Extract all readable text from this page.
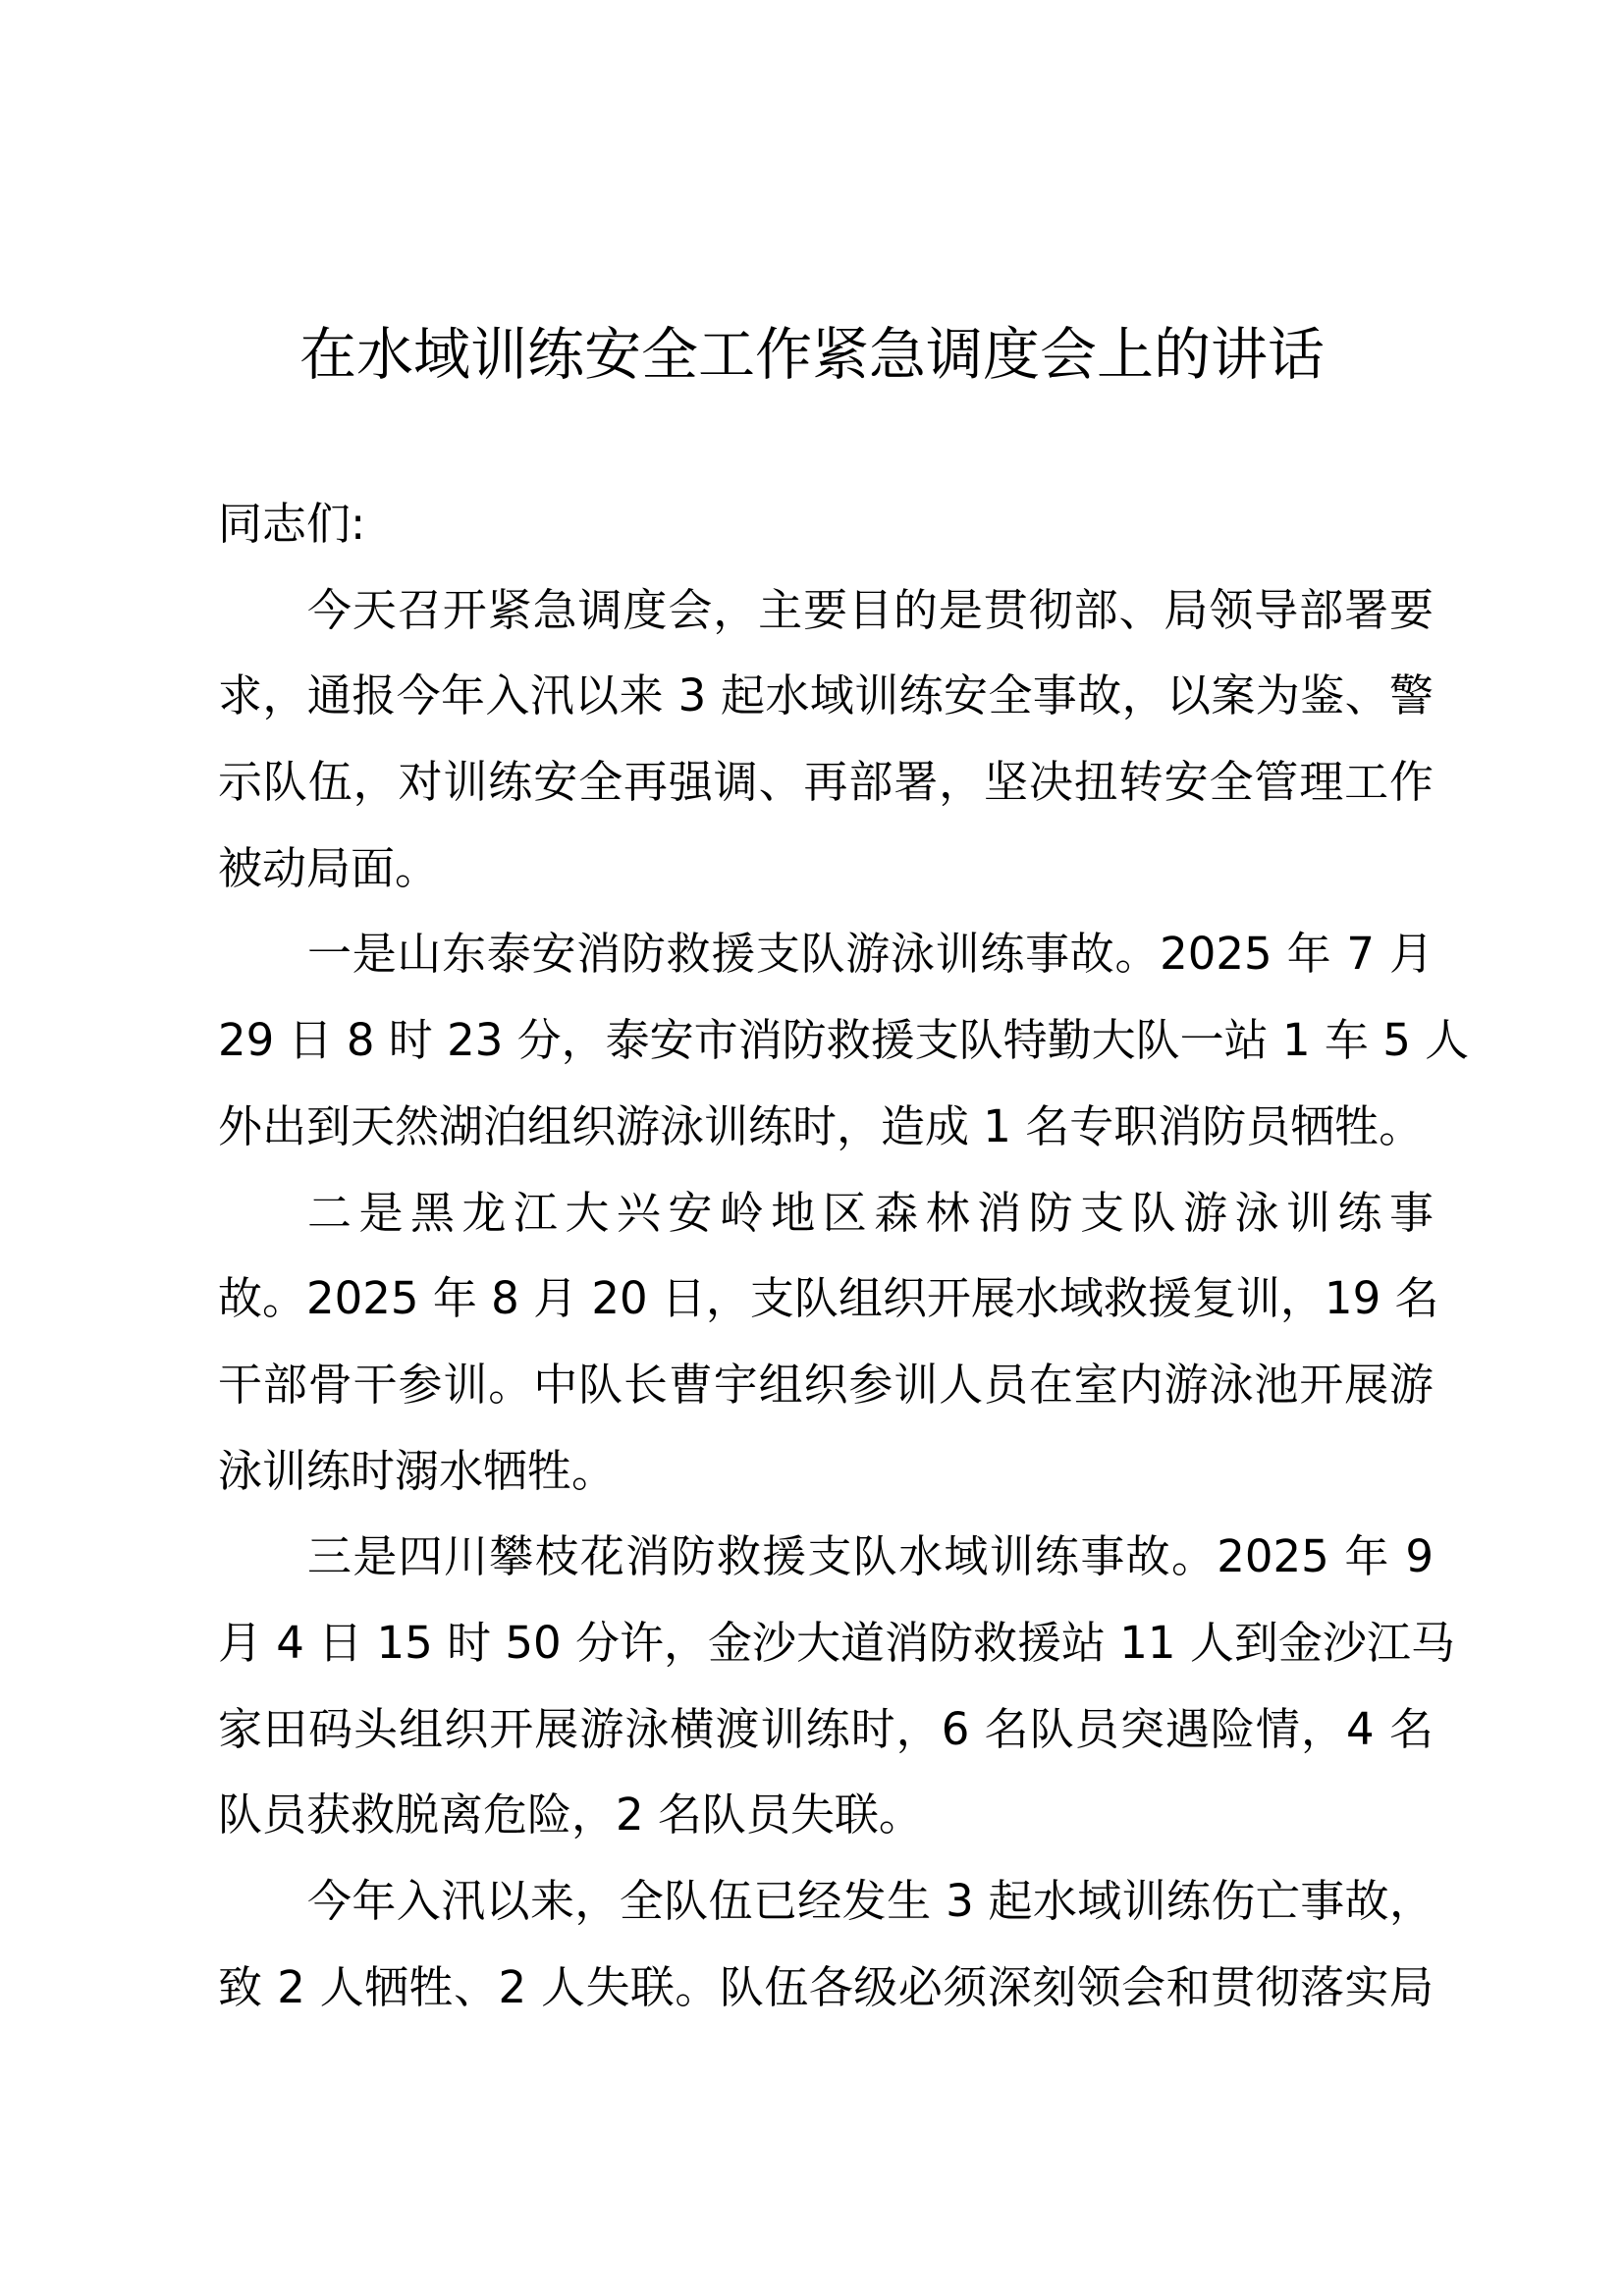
在水域训练安全工作紧急调度会上的讲话
同志们:
今天召开紧急调度会，主要目的是贯彻部、局领导部署要
求，通报今年入汛以来 3 起水域训练安全事故，以案为鉴、警
示队伍，对训练安全再强调、再部署，坚决扭转安全管理工作
被动局面。
一是山东泰安消防救援支队游泳训练事故。2025 年 7 月
29 日 8 时 23 分，泰安市消防救援支队特勤大队一站 1 车 5 人
外出到天然湖泊组织游泳训练时，造成 1 名专职消防员牺牲。
二是黑龙江大兴安岭地区森林消防支队游泳训练事
故。2025 年 8 月 20 日，支队组织开展水域救援复训，19 名
干部骨干参训。中队长曹宇组织参训人员在室内游泳池开展游
泳训练时溺水牺牲。
三是四川攀枝花消防救援支队水域训练事故。2025 年 9
月 4 日 15 时 50 分许，金沙大道消防救援站 11 人到金沙江马
家田码头组织开展游泳横渡训练时，6 名队员突遇险情，4 名
队员获救脱离危险，2 名队员失联。
今年入汛以来，全队伍已经发生 3 起水域训练伤亡事故，
致 2 人牺牲、2 人失联。队伍各级必须深刻领会和贯彻落实局
